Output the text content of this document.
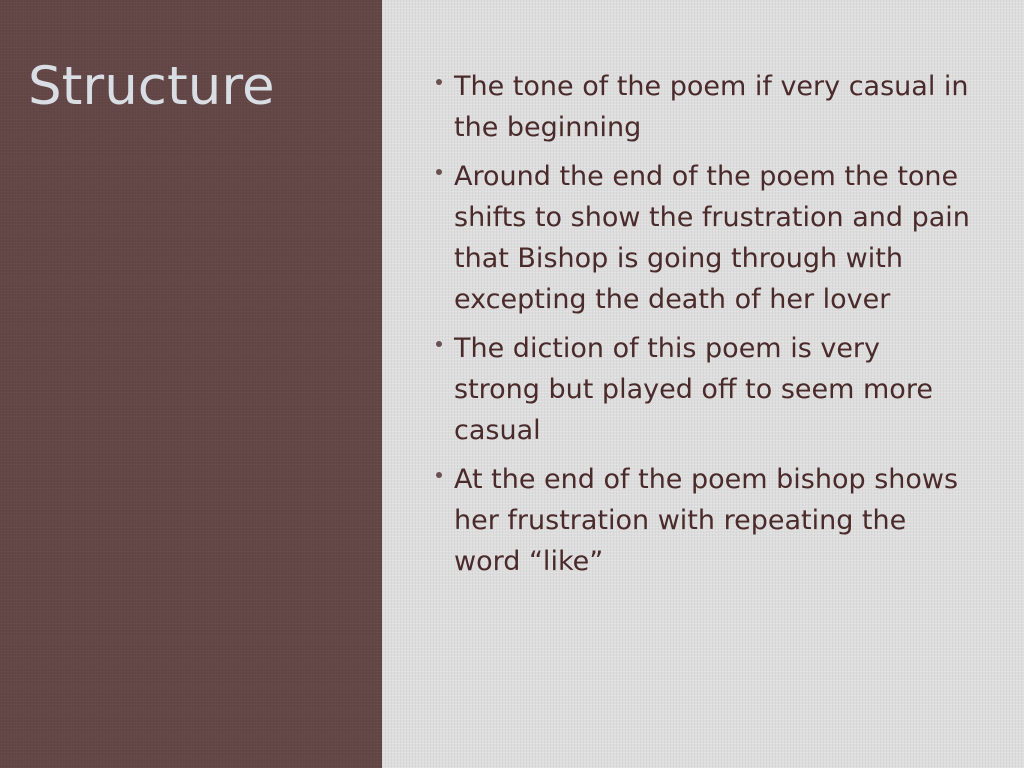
Structure	The tone of the poem if very casual in the beginning
Around the end of the poem the tone shifts to show the frustration and pain that Bishop is going through with excepting the death of her lover
The diction of this poem is very strong but played off to seem more casual
At the end of the poem bishop shows her frustration with repeating the word “like”
